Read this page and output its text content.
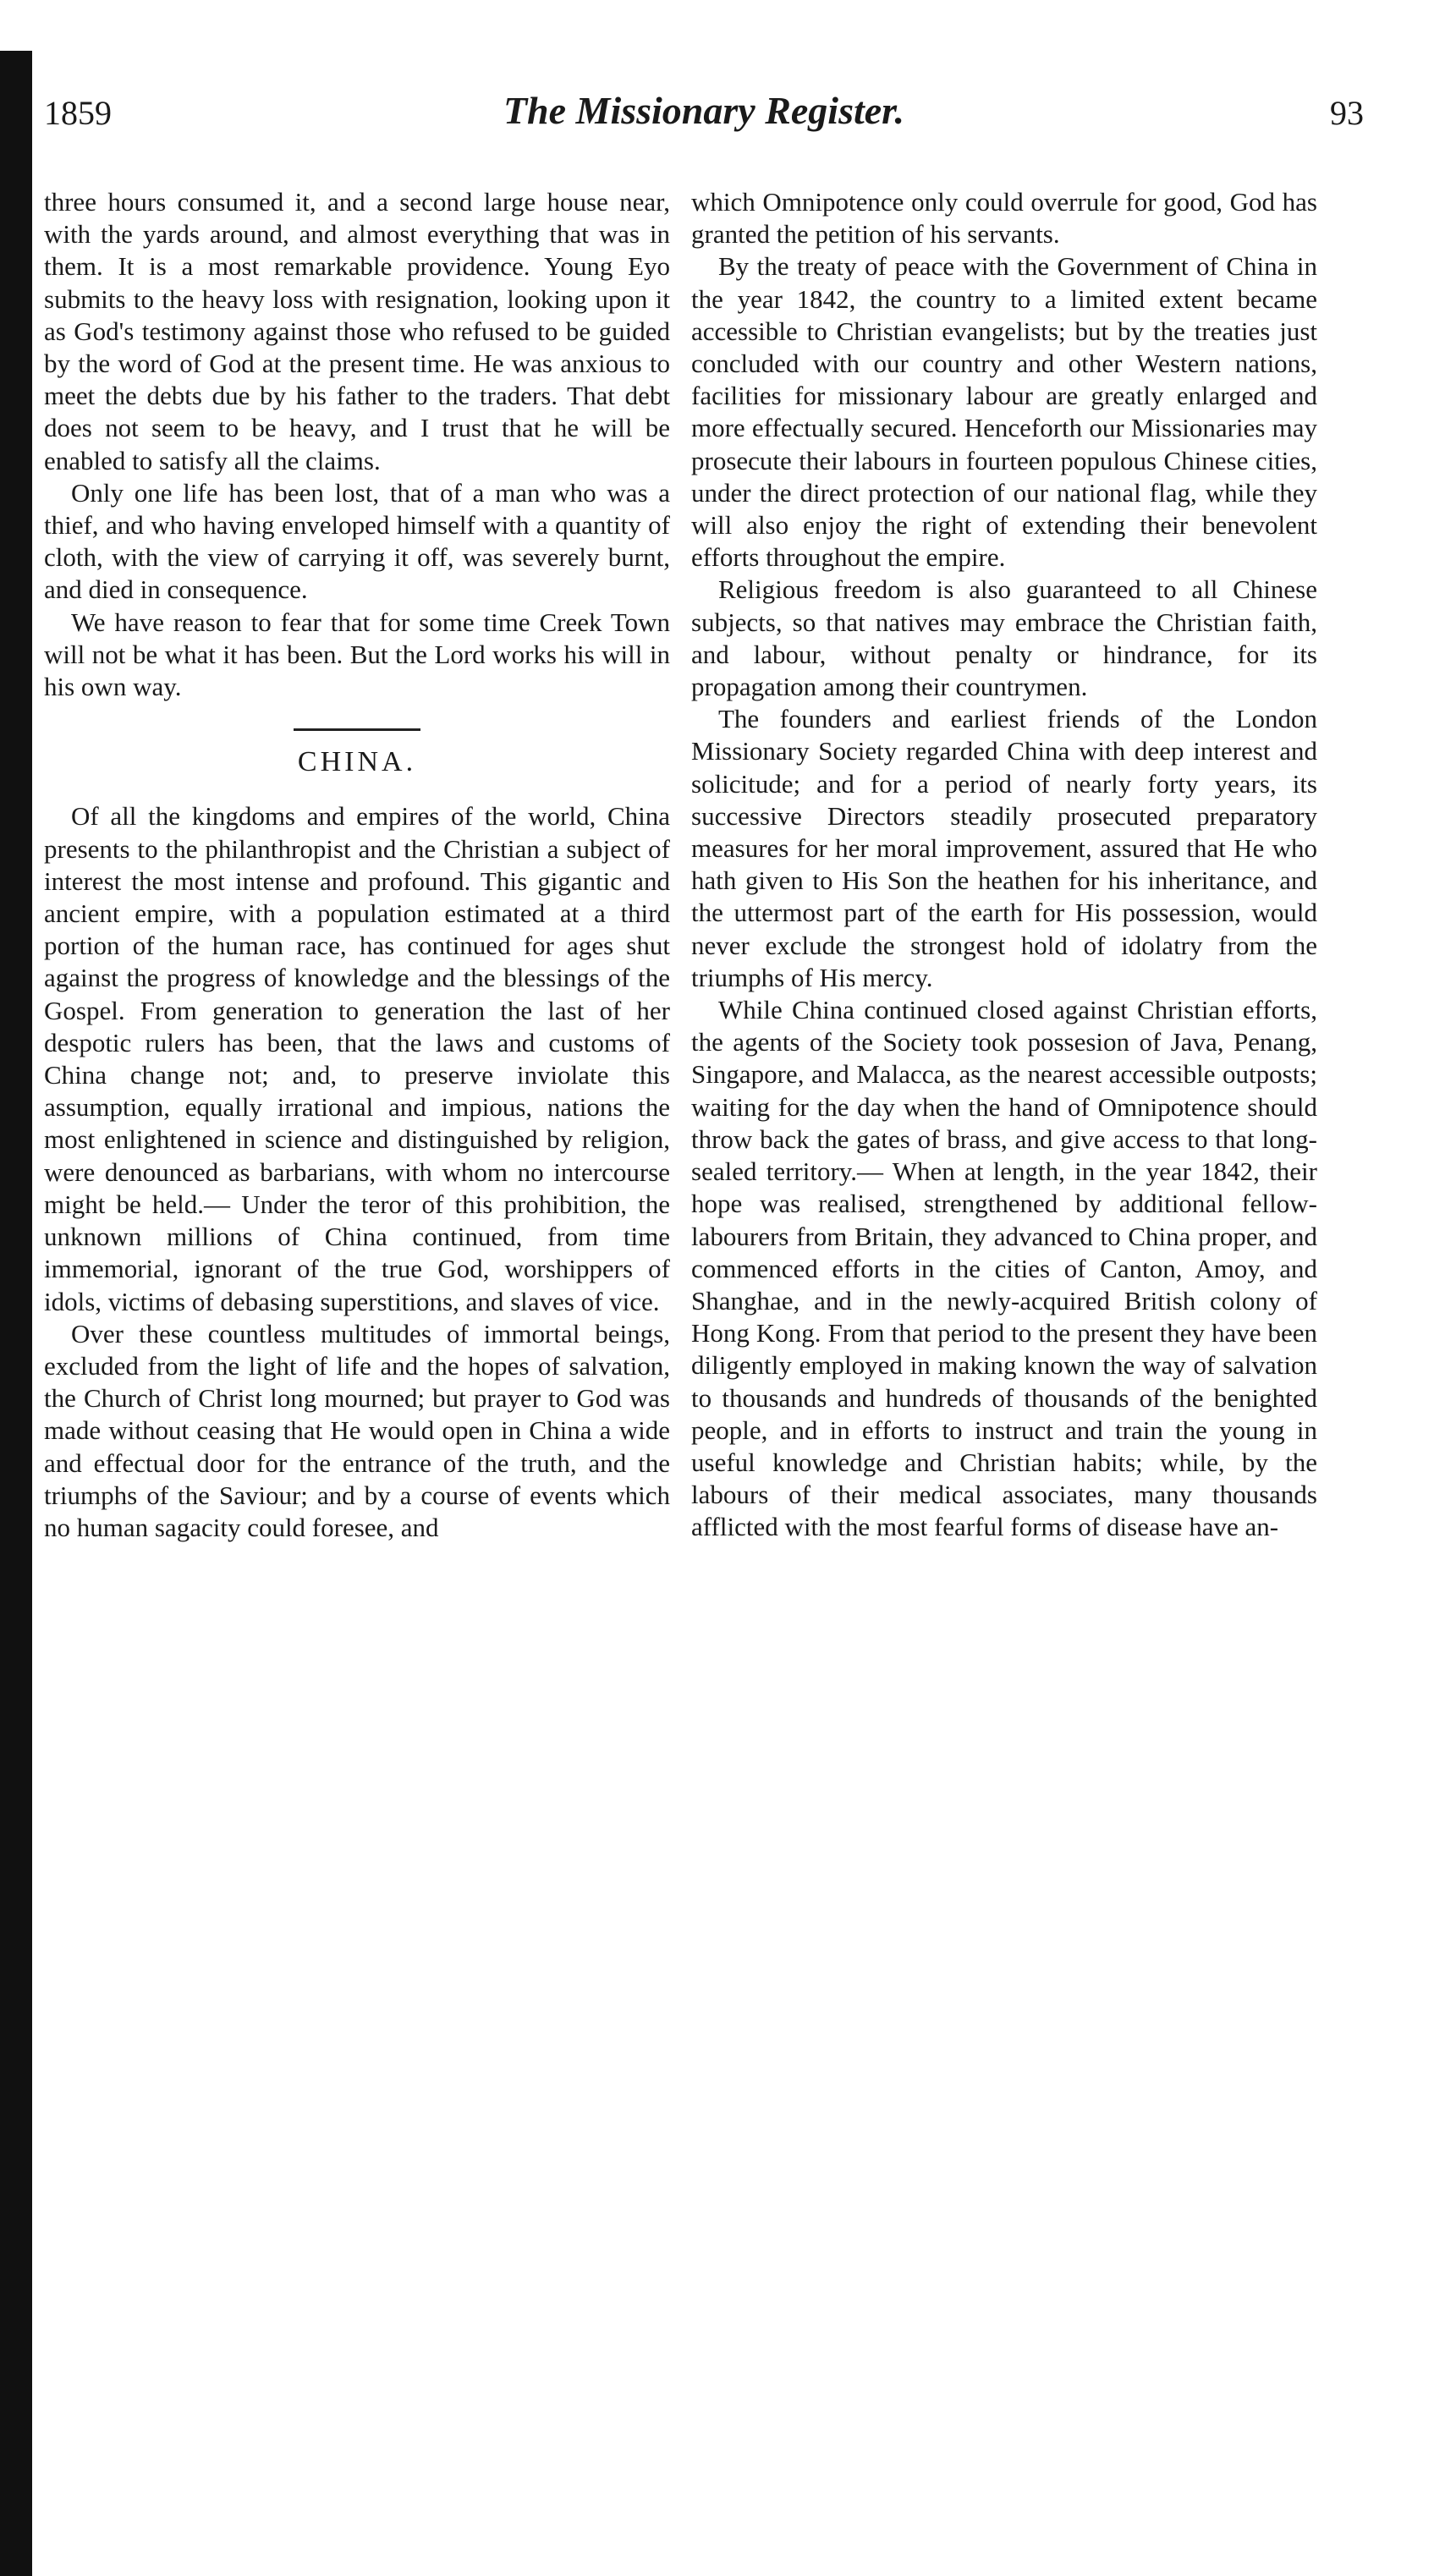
1859	The Missionary Register.	93

three hours consumed it, and a second large house near, with the yards around, and almost everything that was in them. It is a most remarkable providence. Young Eyo submits to the heavy loss with resignation, looking upon it as God's testimony against those who refused to be guided by the word of God at the present time. He was anxious to meet the debts due by his father to the traders. That debt does not seem to be heavy, and I trust that he will be enabled to satisfy all the claims.

Only one life has been lost, that of a man who was a thief, and who having enveloped himself with a quantity of cloth, with the view of carrying it off, was severely burnt, and died in consequence.

We have reason to fear that for some time Creek Town will not be what it has been. But the Lord works his will in his own way.

CHINA.

Of all the kingdoms and empires of the world, China presents to the philanthropist and the Christian a subject of interest the most intense and profound. This gigantic and ancient empire, with a population estimated at a third portion of the human race, has continued for ages shut against the progress of knowledge and the blessings of the Gospel. From generation to generation the last of her despotic rulers has been, that the laws and customs of China change not; and, to preserve inviolate this assumption, equally irrational and impious, nations the most enlightened in science and distinguished by religion, were denounced as barbarians, with whom no intercourse might be held.— Under the teror of this prohibition, the unknown millions of China continued, from time immemorial, ignorant of the true God, worshippers of idols, victims of debasing superstitions, and slaves of vice.

Over these countless multitudes of immortal beings, excluded from the light of life and the hopes of salvation, the Church of Christ long mourned; but prayer to God was made without ceasing that He would open in China a wide and effectual door for the entrance of the truth, and the triumphs of the Saviour; and by a course of events which no human sagacity could foresee, and

which Omnipotence only could overrule for good, God has granted the petition of his servants.

By the treaty of peace with the Government of China in the year 1842, the country to a limited extent became accessible to Christian evangelists; but by the treaties just concluded with our country and other Western nations, facilities for missionary labour are greatly enlarged and more effectually secured. Henceforth our Missionaries may prosecute their labours in fourteen populous Chinese cities, under the direct protection of our national flag, while they will also enjoy the right of extending their benevolent efforts throughout the empire.

Religious freedom is also guaranteed to all Chinese subjects, so that natives may embrace the Christian faith, and labour, without penalty or hindrance, for its propagation among their countrymen.

The founders and earliest friends of the London Missionary Society regarded China with deep interest and solicitude; and for a period of nearly forty years, its successive Directors steadily prosecuted preparatory measures for her moral improvement, assured that He who hath given to His Son the heathen for his inheritance, and the uttermost part of the earth for His possession, would never exclude the strongest hold of idolatry from the triumphs of His mercy.

While China continued closed against Christian efforts, the agents of the Society took possesion of Java, Penang, Singapore, and Malacca, as the nearest accessible outposts; waiting for the day when the hand of Omnipotence should throw back the gates of brass, and give access to that long-sealed territory.— When at length, in the year 1842, their hope was realised, strengthened by additional fellow-labourers from Britain, they advanced to China proper, and commenced efforts in the cities of Canton, Amoy, and Shanghae, and in the newly-acquired British colony of Hong Kong. From that period to the present they have been diligently employed in making known the way of salvation to thousands and hundreds of thousands of the benighted people, and in efforts to instruct and train the young in useful knowledge and Christian habits; while, by the labours of their medical associates, many thousands afflicted with the most fearful forms of disease have an-
